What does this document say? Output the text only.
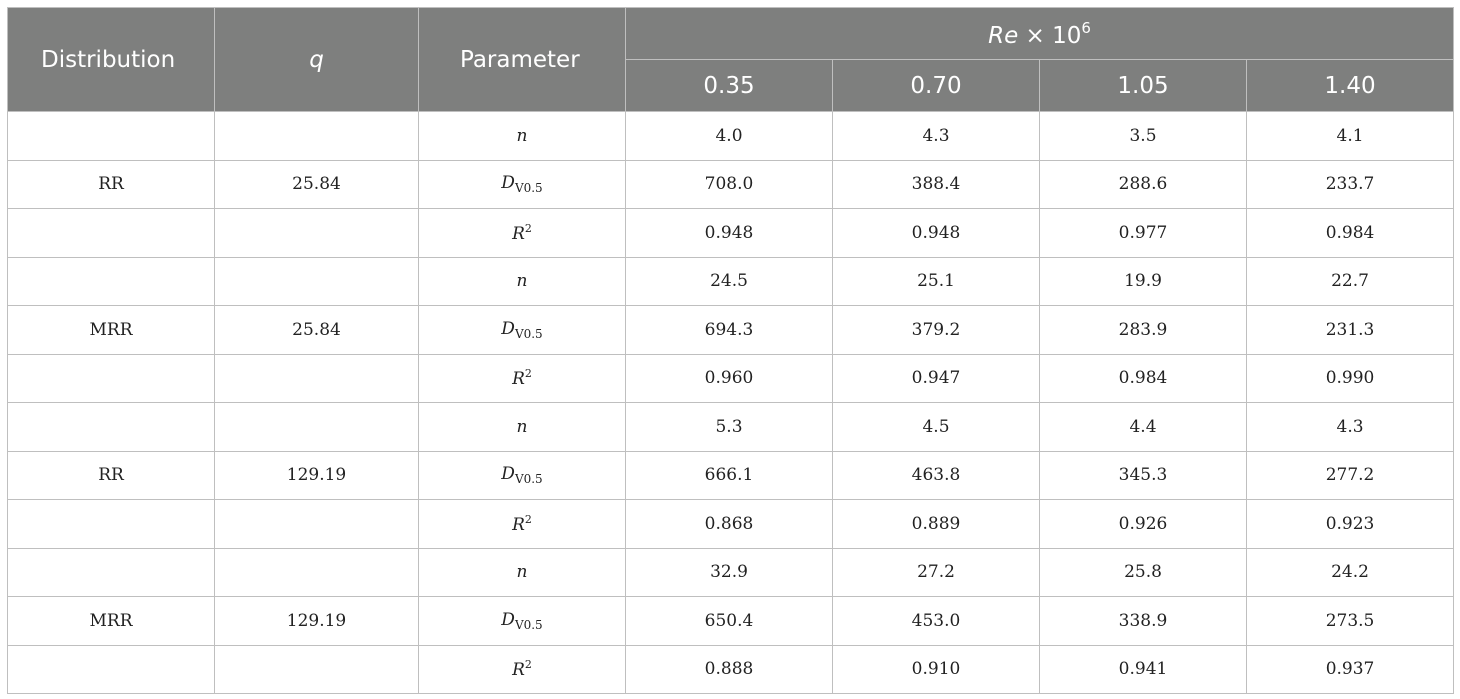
Distribution	q	Parameter	$Re \times 10^6$
			0.35	0.70	1.05	1.40
		n	4.0	4.3	3.5	4.1
RR	25.84	$D_{V0.5}$	708.0	388.4	288.6	233.7
		$R^2$	0.948	0.948	0.977	0.984
		n	24.5	25.1	19.9	22.7
MRR	25.84	$D_{V0.5}$	694.3	379.2	283.9	231.3
		$R^2$	0.960	0.947	0.984	0.990
		n	5.3	4.5	4.4	4.3
RR	129.19	$D_{V0.5}$	666.1	463.8	345.3	277.2
		$R^2$	0.868	0.889	0.926	0.923
		n	32.9	27.2	25.8	24.2
MRR	129.19	$D_{V0.5}$	650.4	453.0	338.9	273.5
		$R^2$	0.888	0.910	0.941	0.937
